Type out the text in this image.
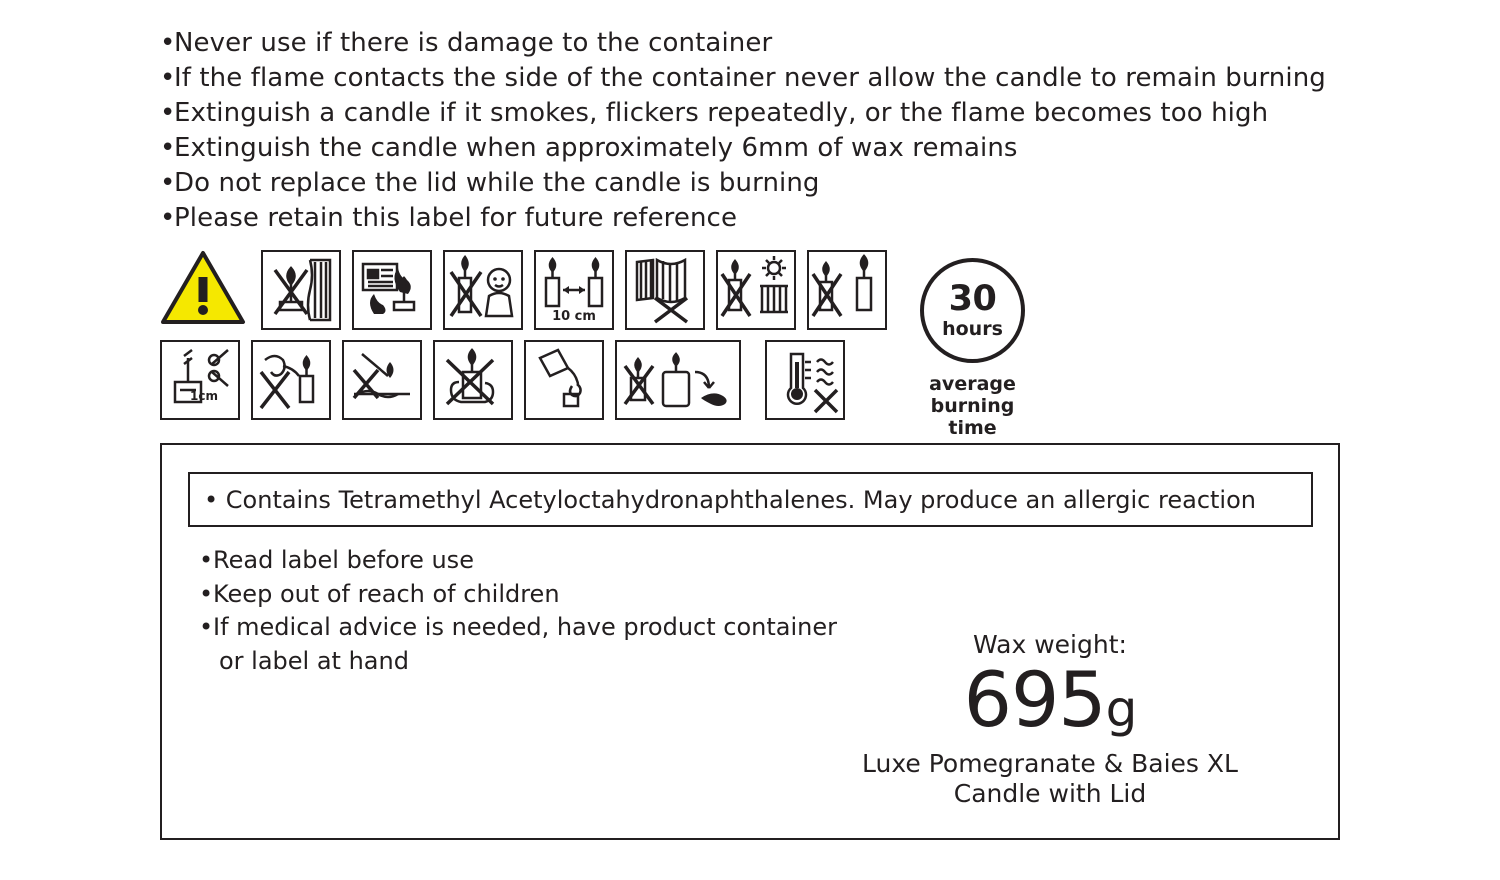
•Never use if there is damage to the container
•If the flame contacts the side of the container never allow the candle to remain burning
•Extinguish a candle if it smokes, flickers repeatedly, or the flame becomes too high
•Extinguish the candle when approximately 6mm of wax remains
•Do not replace the lid while the candle is burning
•Please retain this label for future reference
10 cm
1cm
30
hours
average
burning time
• Contains Tetramethyl Acetyloctahydronaphthalenes. May produce an allergic reaction
•Read label before use
•Keep out of reach of children
•If medical advice is needed, have product container
or label at hand
Wax weight:
695g
Luxe Pomegranate & Baies XL
Candle with Lid
